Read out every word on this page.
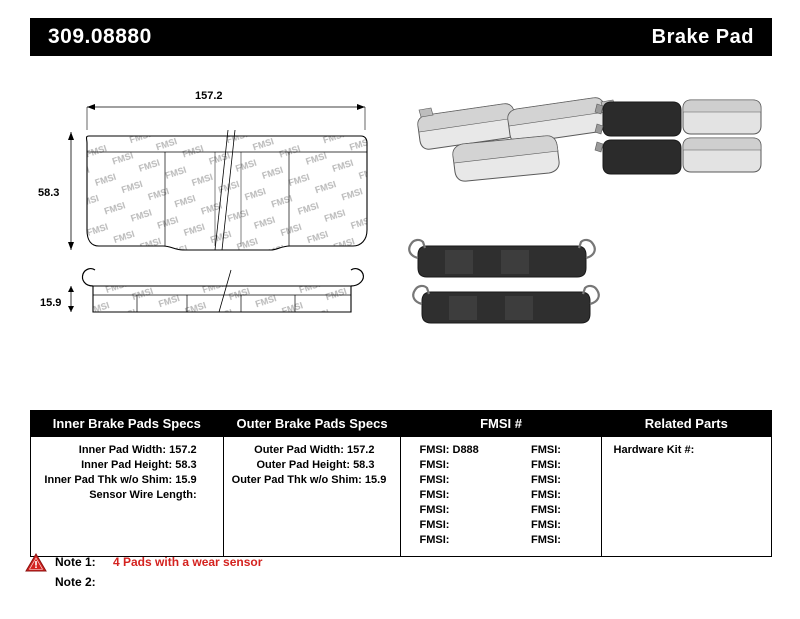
309.08880	Brake Pad
157.2
58.3
15.9
Inner Brake Pads Specs	Outer Brake Pads Specs	FMSI #	Related Parts

Inner Pad Width: 157.2
Inner Pad Height: 58.3
Inner Pad Thk w/o Shim: 15.9
Sensor Wire Length:

Outer Pad Width: 157.2
Outer Pad Height: 58.3
Outer Pad Thk w/o Shim: 15.9

FMSI: D888
FMSI:
FMSI:
FMSI:
FMSI:
FMSI:
FMSI:
FMSI:
FMSI:
FMSI:
FMSI:
FMSI:
FMSI:
FMSI:

Hardware Kit #:
Note 1:	4 Pads with a wear sensor
Note 2:
